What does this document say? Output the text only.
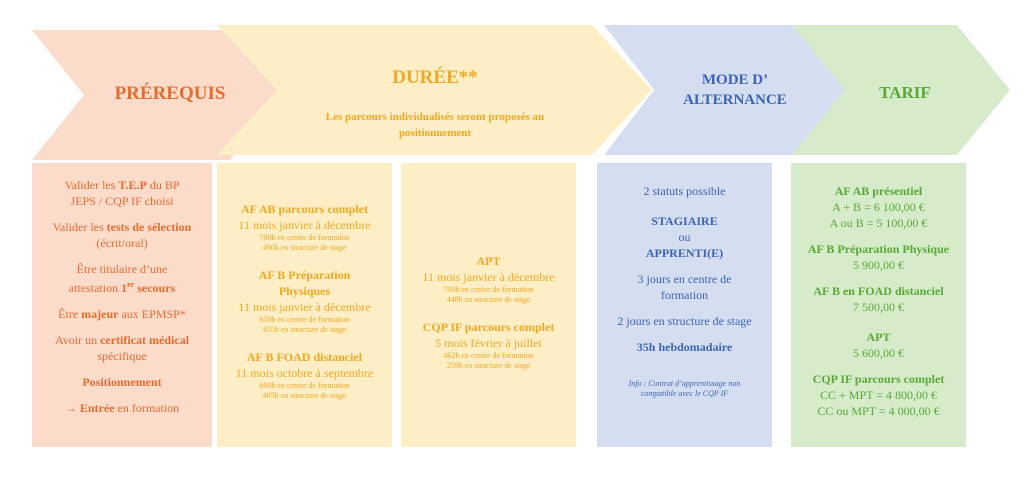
PRÉREQUIS
DURÉE**
Les parcours individualisés seront proposés au positionnement
MODE D’
ALTERNANCE	TARIF

Valider les T.E.P du BP JEPS / CQP IF choisi

Valider les tests de sélection (écrit/oral)

Être titulaire d’une attestation 1er secours

Être majeur aux EPMSP*

Avoir un certificat médical spécifique

Positionnement

→ Entrée en formation

AF AB parcours complet

11 mois janvier à décembre

700h en centre de formation

490h en structure de stage

AF B Préparation Physiques

11 mois janvier à décembre

650h en centre de formation

455h en structure de stage

AF B FOAD distanciel

11 mois octobre à septembre

600h en centre de formation

405h en structure de stage

APT

11 mois janvier à décembre

700h en centre de formation

448h en structure de stage

CQP IF parcours complet

5 mois février à juillet

462h en centre de formation

259h en structure de stage

2 statuts possible

STAGIAIRE

ou

APPRENTI(E)

3 jours en centre de formation

2 jours en structure de stage

35h hebdomadaire

Info : Contrat d’apprentissage non compatible avec le CQP IF

AF AB présentiel

A + B = 6 100,00 €

A ou B = 5 100,00 €

AF B Préparation Physique

5 900,00 €

AF B en FOAD distanciel

7 500,00 €

APT

5 600,00 €

CQP IF parcours complet

CC + MPT = 4 800,00 €

CC ou MPT = 4 000,00 €
